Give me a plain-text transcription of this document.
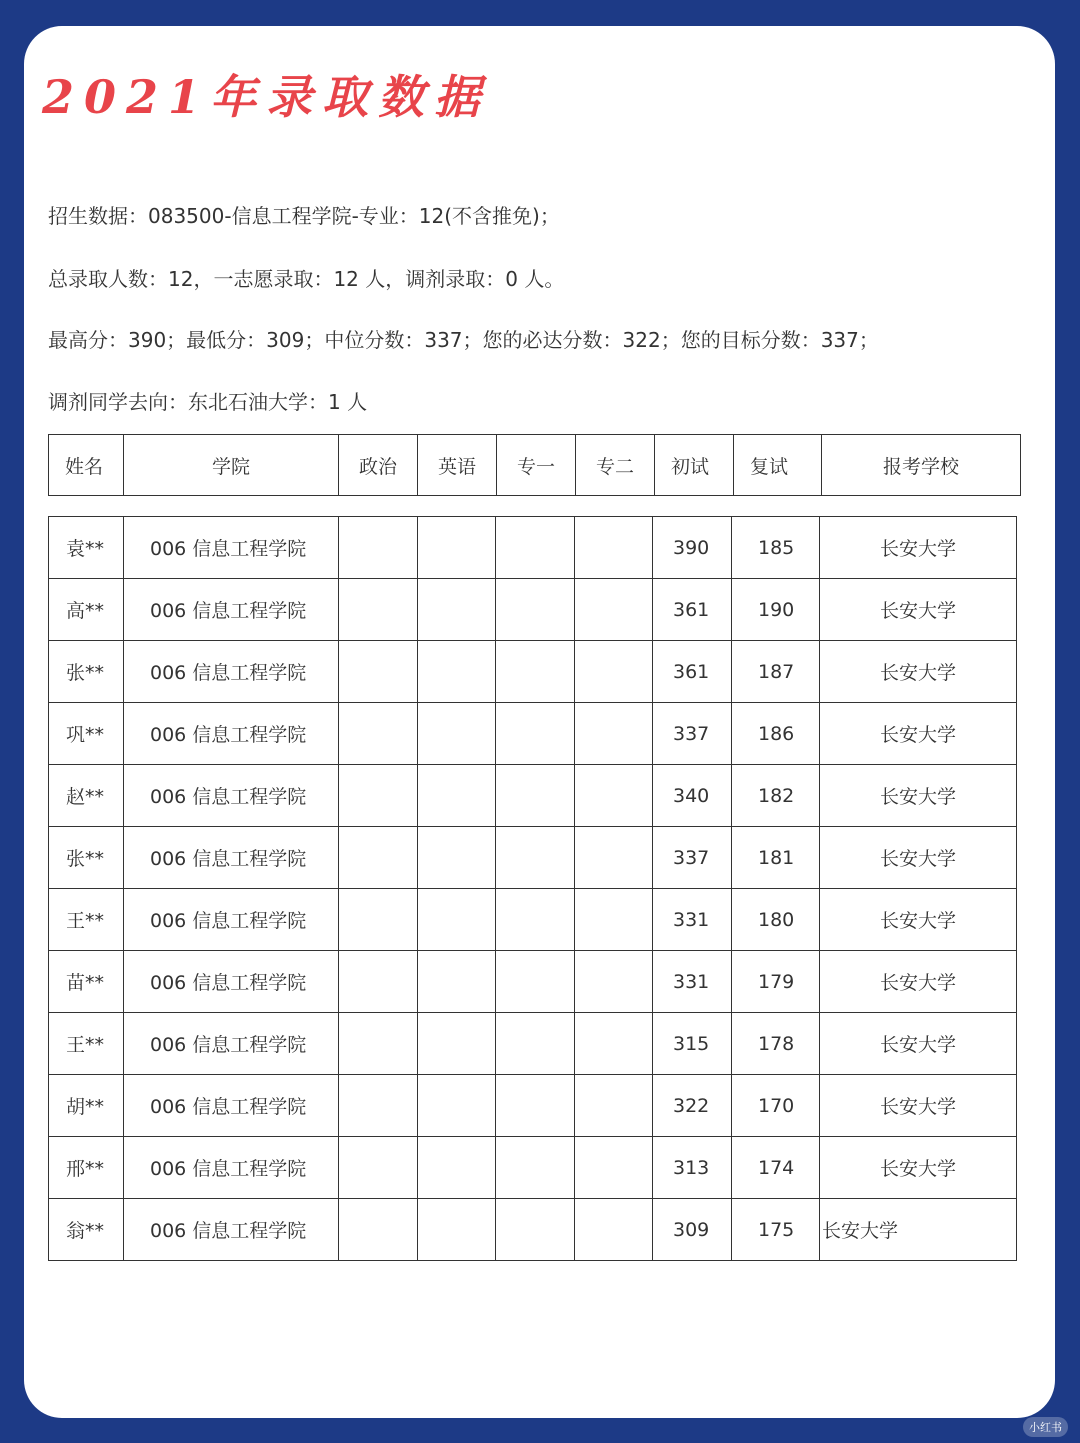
2021年录取数据

招生数据：083500-信息工程学院-专业：12(不含推免)；

总录取人数：12，一志愿录取：12 人，调剂录取：0 人。

最高分：390；最低分：309；中位分数：337；您的必达分数：322；您的目标分数：337；

调剂同学去向：东北石油大学：1 人

姓名	学院	政治	英语	专一	专二	初试	复试	报考学校
袁**	006 信息工程学院					390	185	长安大学
高**	006 信息工程学院					361	190	长安大学
张**	006 信息工程学院					361	187	长安大学
巩**	006 信息工程学院					337	186	长安大学
赵**	006 信息工程学院					340	182	长安大学
张**	006 信息工程学院					337	181	长安大学
王**	006 信息工程学院					331	180	长安大学
苗**	006 信息工程学院					331	179	长安大学
王**	006 信息工程学院					315	178	长安大学
胡**	006 信息工程学院					322	170	长安大学
邢**	006 信息工程学院					313	174	长安大学
翁**	006 信息工程学院					309	175	长安大学
小红书
